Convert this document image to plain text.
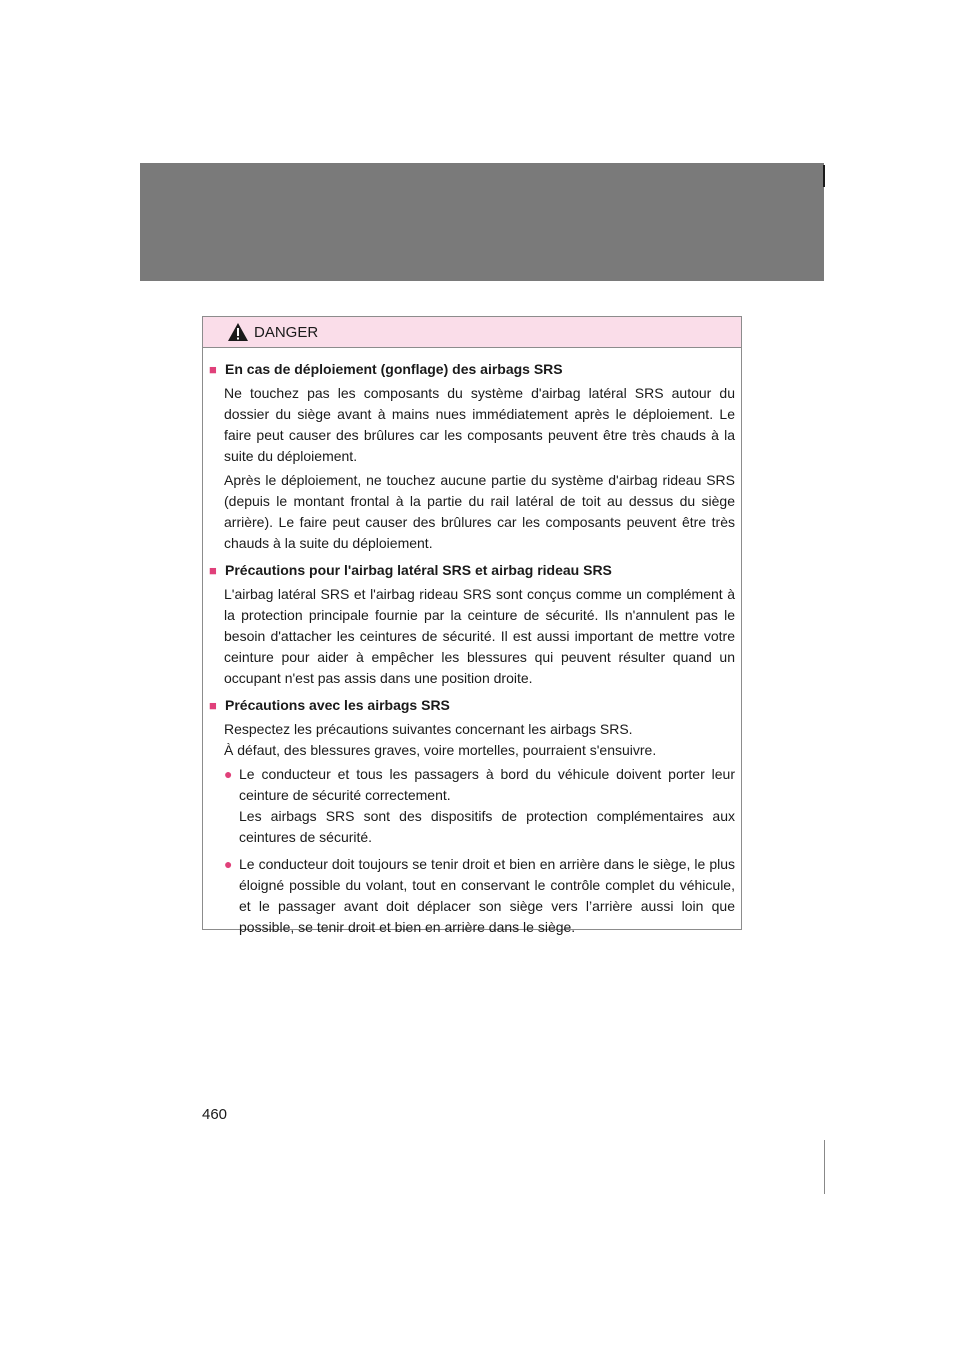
DANGER
■ En cas de déploiement (gonflage) des airbags SRS
Ne touchez pas les composants du système d'airbag latéral SRS autour du dossier du siège avant à mains nues immédiatement après le déploiement. Le faire peut causer des brûlures car les composants peuvent être très chauds à la suite du déploiement.
Après le déploiement, ne touchez aucune partie du système d'airbag rideau SRS (depuis le montant frontal à la partie du rail latéral de toit au dessus du siège arrière). Le faire peut causer des brûlures car les composants peuvent être très chauds à la suite du déploiement.
■ Précautions pour l'airbag latéral SRS et airbag rideau SRS
L'airbag latéral SRS et l'airbag rideau SRS sont conçus comme un complément à la protection principale fournie par la ceinture de sécurité. Ils n'annulent pas le besoin d'attacher les ceintures de sécurité. Il est aussi important de mettre votre ceinture pour aider à empêcher les blessures qui peuvent résulter quand un occupant n'est pas assis dans une position droite.
■ Précautions avec les airbags SRS
Respectez les précautions suivantes concernant les airbags SRS.
À défaut, des blessures graves, voire mortelles, pourraient s'ensuivre.
● Le conducteur et tous les passagers à bord du véhicule doivent porter leur ceinture de sécurité correctement.
Les airbags SRS sont des dispositifs de protection complémentaires aux ceintures de sécurité.
● Le conducteur doit toujours se tenir droit et bien en arrière dans le siège, le plus éloigné possible du volant, tout en conservant le contrôle complet du véhicule, et le passager avant doit déplacer son siège vers l’arrière aussi loin que possible, se tenir droit et bien en arrière dans le siège.
460
